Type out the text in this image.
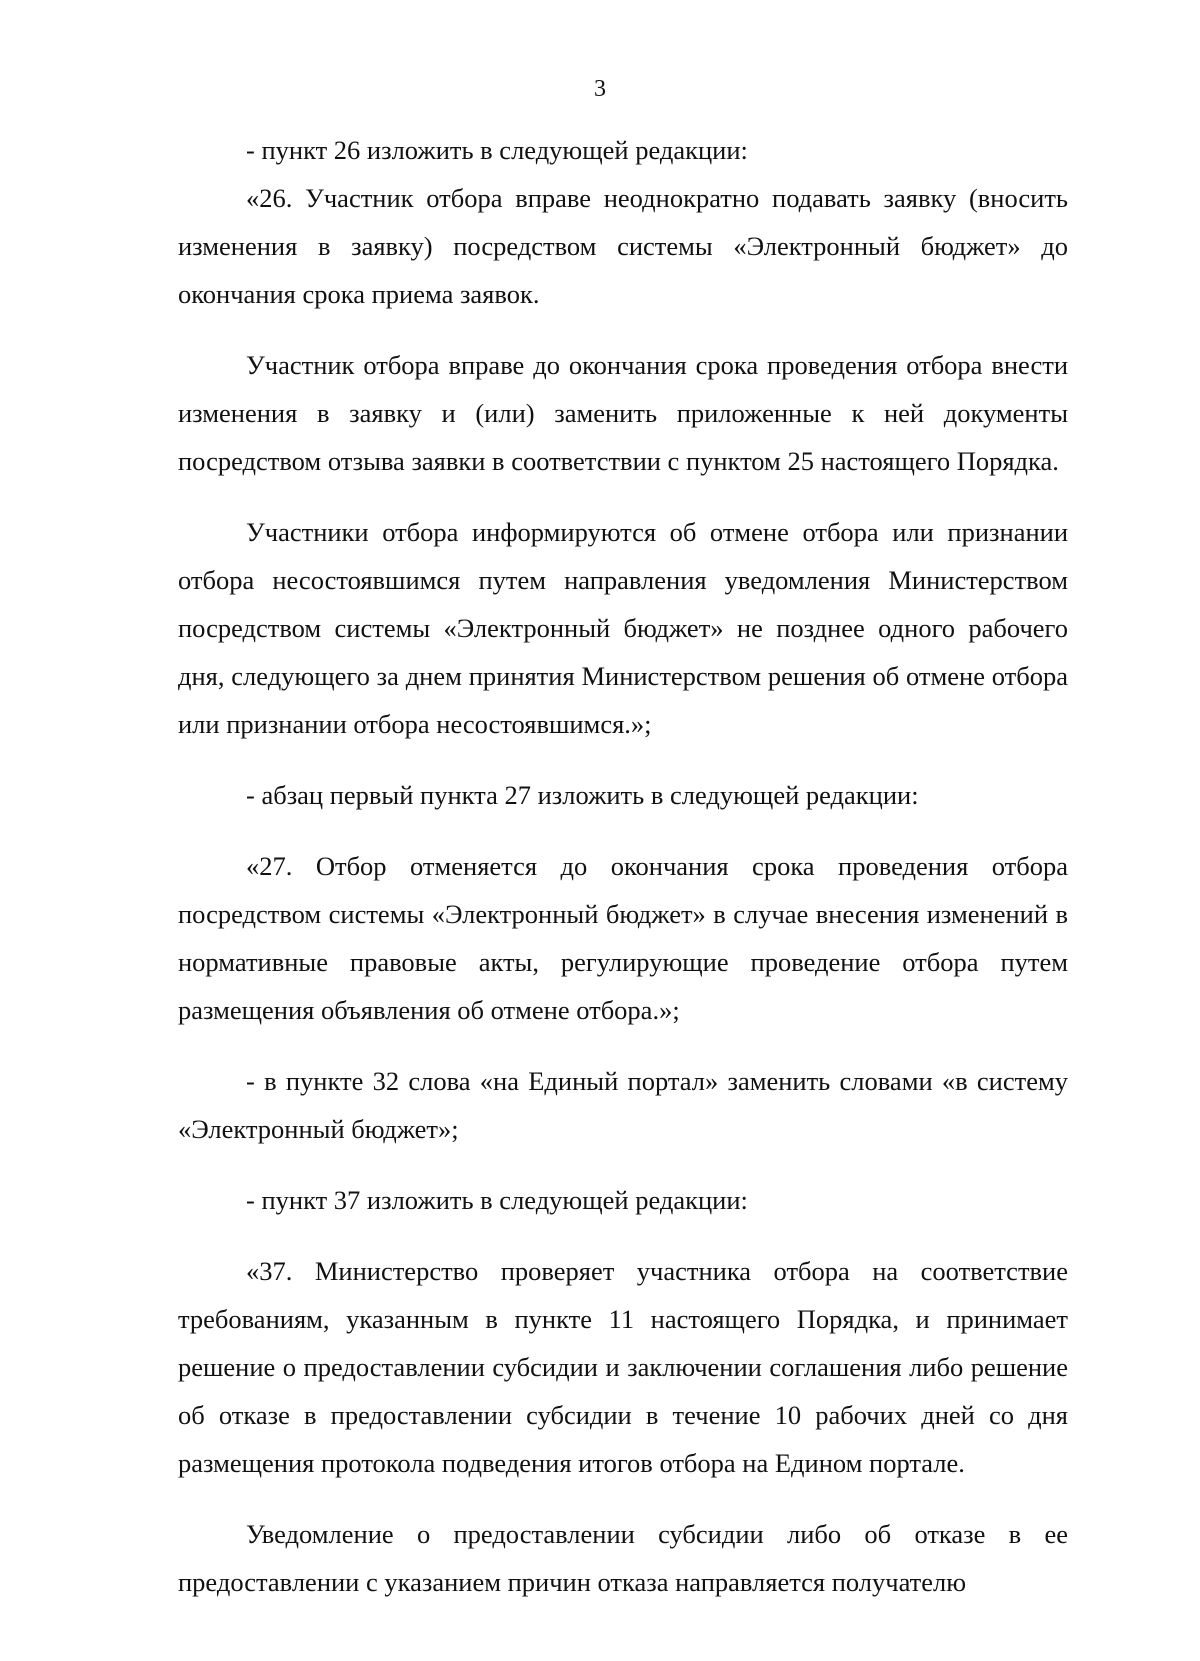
3

- пункт 26 изложить в следующей редакции:

«26. Участник отбора вправе неоднократно подавать заявку (вносить изменения в заявку) посредством системы «Электронный бюджет» до окончания срока приема заявок.

Участник отбора вправе до окончания срока проведения отбора внести изменения в заявку и (или) заменить приложенные к ней документы посредством отзыва заявки в соответствии с пунктом 25 настоящего Порядка.

Участники отбора информируются об отмене отбора или признании отбора несостоявшимся путем направления уведомления Министерством посредством системы «Электронный бюджет» не позднее одного рабочего дня, следующего за днем принятия Министерством решения об отмене отбора или признании отбора несостоявшимся.»;

- абзац первый пункта 27 изложить в следующей редакции:

«27. Отбор отменяется до окончания срока проведения отбора посредством системы «Электронный бюджет» в случае внесения изменений в нормативные правовые акты, регулирующие проведение отбора путем размещения объявления об отмене отбора.»;

- в пункте 32 слова «на Единый портал» заменить словами «в систему «Электронный бюджет»;

- пункт 37 изложить в следующей редакции:

«37. Министерство проверяет участника отбора на соответствие требованиям, указанным в пункте 11 настоящего Порядка, и принимает решение о предоставлении субсидии и заключении соглашения либо решение об отказе в предоставлении субсидии в течение 10 рабочих дней со дня размещения протокола подведения итогов отбора на Едином портале.

Уведомление о предоставлении субсидии либо об отказе в ее предоставлении с указанием причин отказа направляется получателю
